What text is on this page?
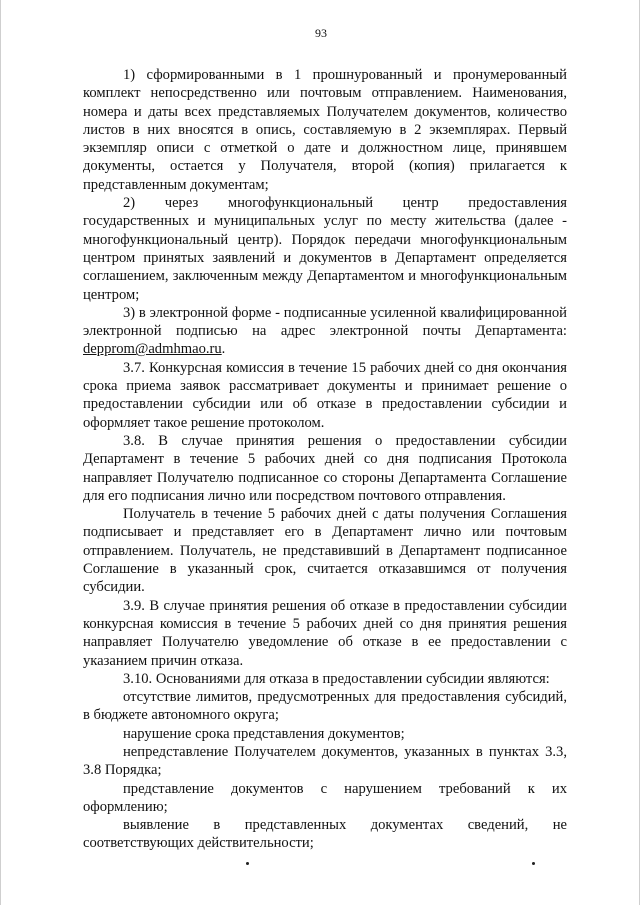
93

1) сформированными в 1 прошнурованный и пронумерованный комплект непосредственно или почтовым отправлением. Наименования, номера и даты всех представляемых Получателем документов, количество листов в них вносятся в опись, составляемую в 2 экземплярах. Первый экземпляр описи с отметкой о дате и должностном лице, принявшем документы, остается у Получателя, второй (копия) прилагается к представленным документам;

2) через многофункциональный центр предоставления государственных и муниципальных услуг по месту жительства (далее - многофункциональный центр). Порядок передачи многофункциональным центром принятых заявлений и документов в Департамент определяется соглашением, заключенным между Департаментом и многофункциональным центром;

3) в электронной форме - подписанные усиленной квалифицированной электронной подписью на адрес электронной почты Департамента: depprom@admhmao.ru.

3.7. Конкурсная комиссия в течение 15 рабочих дней со дня окончания срока приема заявок рассматривает документы и принимает решение о предоставлении субсидии или об отказе в предоставлении субсидии и оформляет такое решение протоколом.

3.8. В случае принятия решения о предоставлении субсидии Департамент в течение 5 рабочих дней со дня подписания Протокола направляет Получателю подписанное со стороны Департамента Соглашение для его подписания лично или посредством почтового отправления.

Получатель в течение 5 рабочих дней с даты получения Соглашения подписывает и представляет его в Департамент лично или почтовым отправлением. Получатель, не представивший в Департамент подписанное Соглашение в указанный срок, считается отказавшимся от получения субсидии.

3.9. В случае принятия решения об отказе в предоставлении субсидии конкурсная комиссия в течение 5 рабочих дней со дня принятия решения направляет Получателю уведомление об отказе в ее предоставлении с указанием причин отказа.

3.10. Основаниями для отказа в предоставлении субсидии являются:

отсутствие лимитов, предусмотренных для предоставления субсидий, в бюджете автономного округа;

нарушение срока представления документов;

непредставление Получателем документов, указанных в пунктах 3.3, 3.8 Порядка;

представление документов с нарушением требований к их оформлению;

выявление в представленных документах сведений, не соответствующих действительности;
